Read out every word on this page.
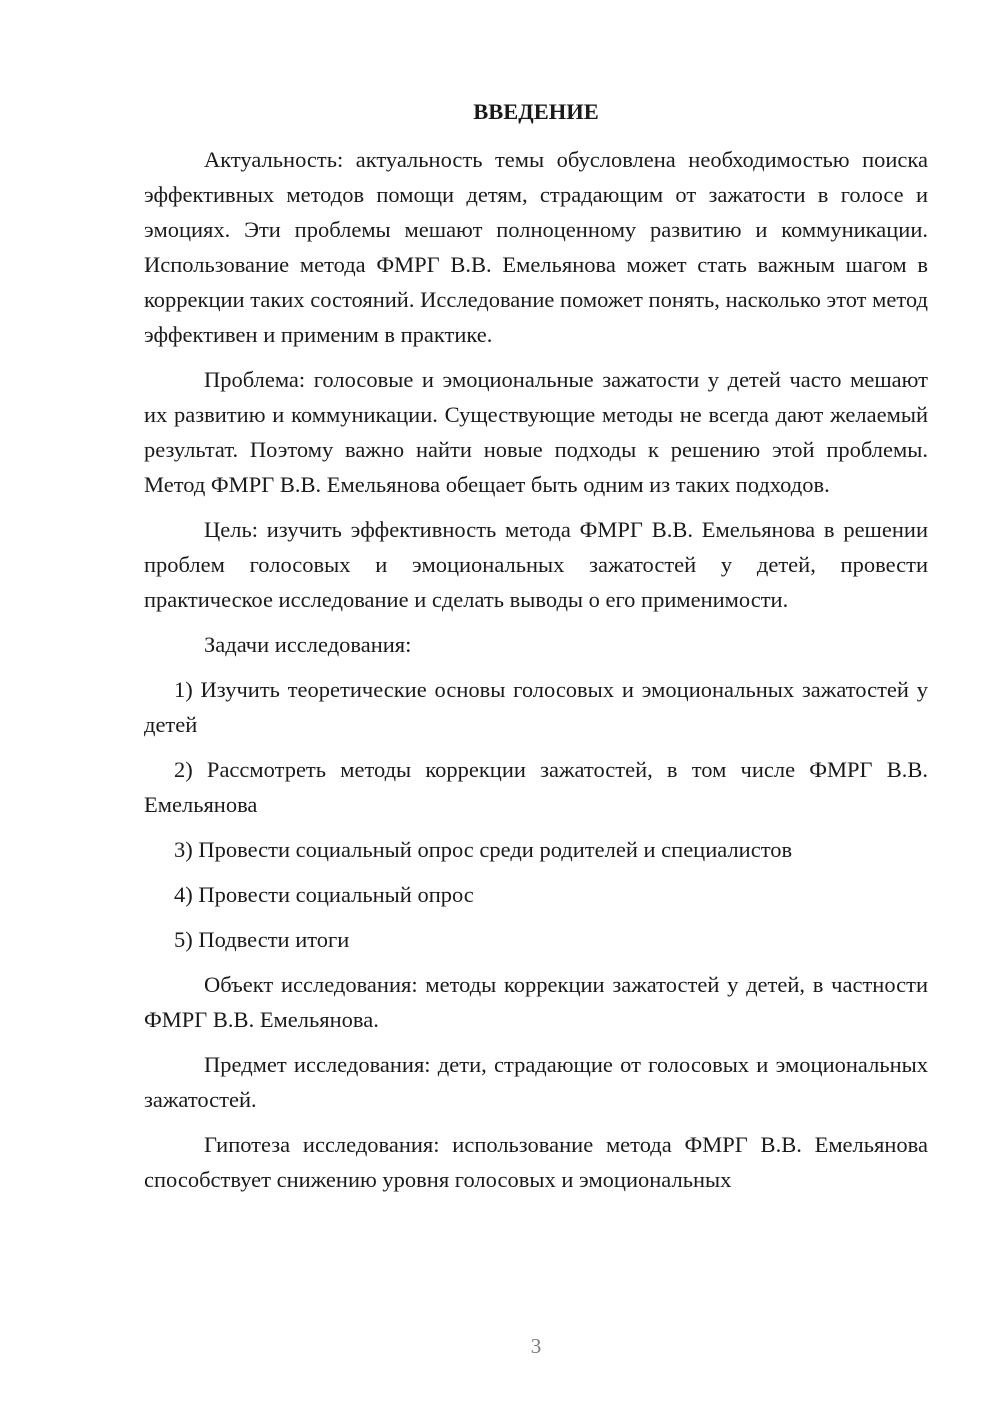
ВВЕДЕНИЕ

Актуальность: актуальность темы обусловлена необходимостью поиска эффективных методов помощи детям, страдающим от зажатости в голосе и эмоциях. Эти проблемы мешают полноценному развитию и коммуникации. Использование метода ФМРГ В.В. Емельянова может стать важным шагом в коррекции таких состояний. Исследование поможет понять, насколько этот метод эффективен и применим в практике.

Проблема: голосовые и эмоциональные зажатости у детей часто мешают их развитию и коммуникации. Существующие методы не всегда дают желаемый результат. Поэтому важно найти новые подходы к решению этой проблемы. Метод ФМРГ В.В. Емельянова обещает быть одним из таких подходов.

Цель: изучить эффективность метода ФМРГ В.В. Емельянова в решении проблем голосовых и эмоциональных зажатостей у детей, провести практическое исследование и сделать выводы о его применимости.

Задачи исследования:

1) Изучить теоретические основы голосовых и эмоциональных зажатостей у детей

2) Рассмотреть методы коррекции зажатостей, в том числе ФМРГ В.В. Емельянова

3) Провести социальный опрос среди родителей и специалистов

4) Провести социальный опрос

5) Подвести итоги

Объект исследования: методы коррекции зажатостей у детей, в частности ФМРГ В.В. Емельянова.

Предмет исследования: дети, страдающие от голосовых и эмоциональных зажатостей.

Гипотеза исследования: использование метода ФМРГ В.В. Емельянова способствует снижению уровня голосовых и эмоциональных

3
